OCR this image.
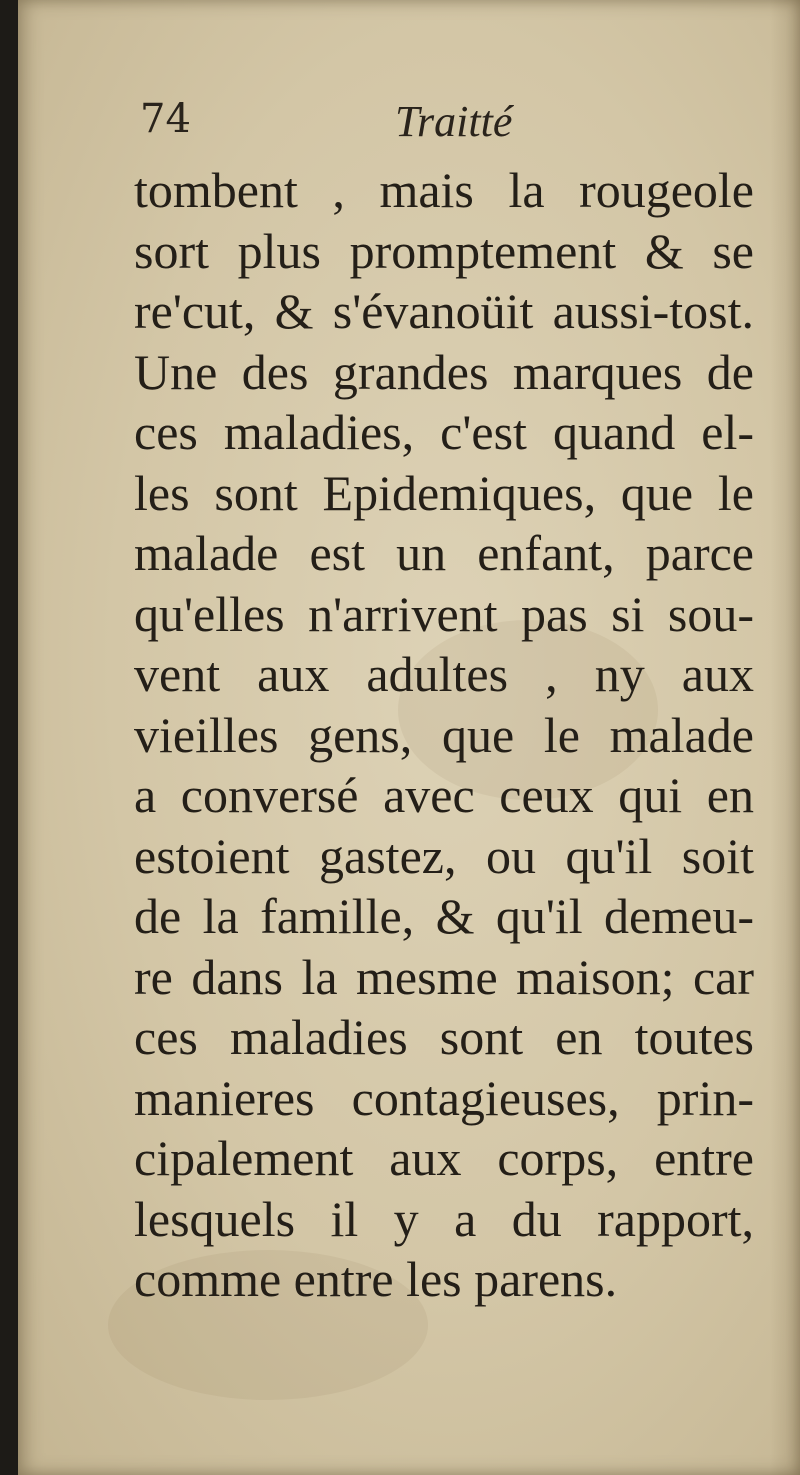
74	Traitté
tombent , mais la rougeole
sort plus promptement & se
re'cut, & s'évanoüit aussi-tost.
Une des grandes marques de
ces maladies, c'est quand el-
les sont Epidemiques, que le
malade est un enfant, parce
qu'elles n'arrivent pas si sou-
vent aux adultes , ny aux
vieilles gens, que le malade
a conversé avec ceux qui en
estoient gastez, ou qu'il soit
de la famille, & qu'il demeu-
re dans la mesme maison; car
ces maladies sont en toutes
manieres contagieuses, prin-
cipalement aux corps, entre
lesquels il y a du rapport,
comme entre les parens.
